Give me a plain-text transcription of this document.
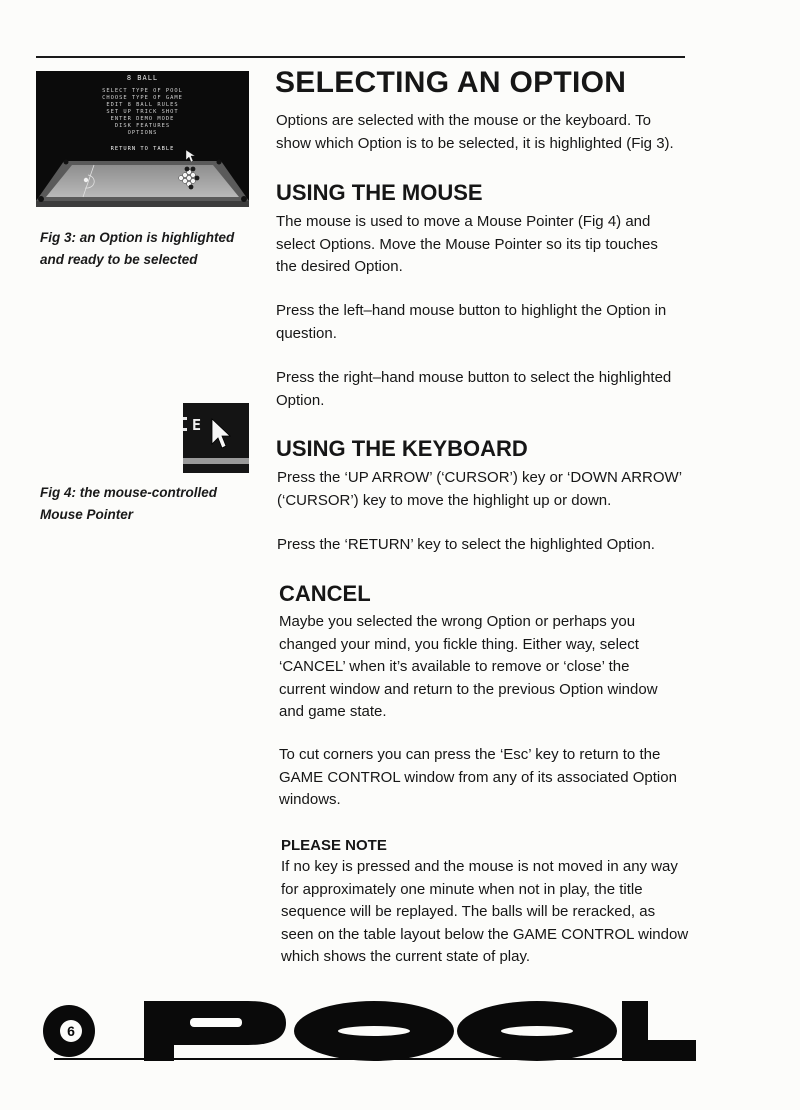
8 BALL
SELECT TYPE OF POOL
CHOOSE TYPE OF GAME
EDIT 8 BALL RULES
SET UP TRICK SHOT
ENTER DEMO MODE
DISK FEATURES
OPTIONS
RETURN TO TABLE
Fig 3: an Option is highlighted
and ready to be selected
E
Fig 4: the mouse-controlled
Mouse Pointer
SELECTING AN OPTION
Options are selected with the mouse or the keyboard. To
show which Option is to be selected, it is highlighted (Fig 3).
USING THE MOUSE
The mouse is used to move a Mouse Pointer (Fig 4) and
select Options. Move the Mouse Pointer so its tip touches
the desired Option.
Press the left–hand mouse button to highlight the Option in
question.
Press the right–hand mouse button to select the highlighted
Option.
USING THE KEYBOARD
Press the ‘UP ARROW’ (‘CURSOR’) key or ‘DOWN ARROW’
(‘CURSOR’) key to move the highlight up or down.
Press the ‘RETURN’ key to select the highlighted Option.
CANCEL
Maybe you selected the wrong Option or perhaps you
changed your mind, you fickle thing. Either way, select
‘CANCEL’ when it’s available to remove or ‘close’ the
current window and return to the previous Option window
and game state.
To cut corners you can press the ‘Esc’ key to return to the
GAME CONTROL window from any of its associated Option
windows.
PLEASE NOTE
If no key is pressed and the mouse is not moved in any way
for approximately one minute when not in play, the title
sequence will be replayed. The balls will be reracked, as
seen on the table layout below the GAME CONTROL window
which shows the current state of play.
6
